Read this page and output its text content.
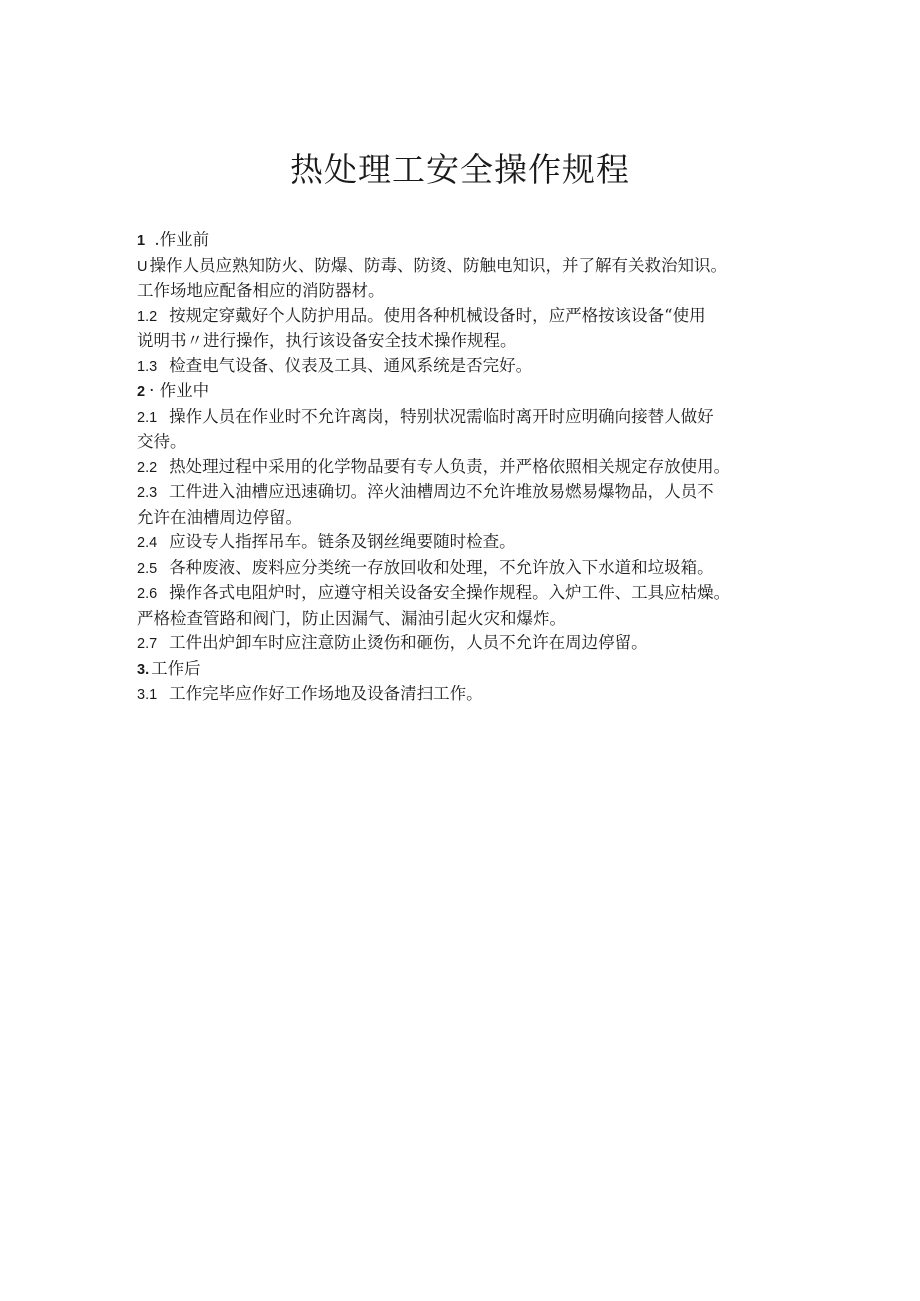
热处理工安全操作规程
1 .作业前
U 操作人员应熟知防火、防爆、防毒、防烫、防触电知识，并了解有关救治知识。
工作场地应配备相应的消防器材。
1.2 按规定穿戴好个人防护用品。使用各种机械设备时，应严格按该设备“使用
说明书〃进行操作，执行该设备安全技术操作规程。
1.3 检查电气设备、仪表及工具、通风系统是否完好。
2 · 作业中
2.1 操作人员在作业时不允许离岗，特别状况需临时离开时应明确向接替人做好
交待。
2.2 热处理过程中采用的化学物品要有专人负责，并严格依照相关规定存放使用。
2.3 工件进入油槽应迅速确切。淬火油槽周边不允许堆放易燃易爆物品，人员不
允许在油槽周边停留。
2.4 应设专人指挥吊车。链条及钢丝绳要随时检查。
2.5 各种废液、废料应分类统一存放回收和处理，不允许放入下水道和垃圾箱。
2.6 操作各式电阻炉时，应遵守相关设备安全操作规程。入炉工件、工具应枯燥。
严格检查管路和阀门，防止因漏气、漏油引起火灾和爆炸。
2.7 工件出炉卸车时应注意防止烫伤和砸伤，人员不允许在周边停留。
3. 工作后
3.1 工作完毕应作好工作场地及设备清扫工作。
